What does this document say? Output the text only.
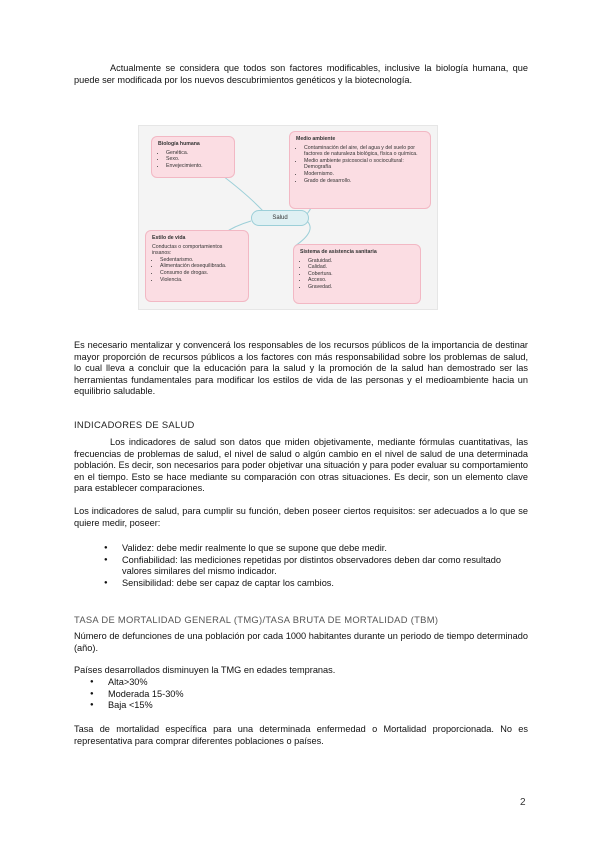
Actualmente se considera que todos son factores modificables, inclusive la biología humana, que puede ser modificada por los nuevos descubrimientos genéticos y la biotecnología.

Biología humana
• Genética.
• Sexo.
• Envejecimiento.
Medio ambiente
• Contaminación del aire, del agua y del suelo por factores de naturaleza biológica, física o química.
• Medio ambiente psicosocial o sociocultural: Demografía
• Modernismo.
• Grado de desarrollo.
Salud
Estilo de vida
Conductas o comportamientos insanos:
• Sedentarismo.
• Alimentación desequilibrada.
• Consumo de drogas.
• Violencia.
Sistema de asistencia sanitaria
• Gratuidad.
• Calidad.
• Cobertura.
• Acceso.
• Gravedad.

Es necesario mentalizar y convencerá los responsables de los recursos públicos de la importancia de destinar mayor proporción de recursos públicos a los factores con más responsabilidad sobre los problemas de salud, lo cual lleva a concluir que la educación para la salud y la promoción de la salud han demostrado ser las herramientas fundamentales para modificar los estilos de vida de las personas y el medioambiente hacia un equilibrio saludable.

INDICADORES DE SALUD

Los indicadores de salud son datos que miden objetivamente, mediante fórmulas cuantitativas, las frecuencias de problemas de salud, el nivel de salud o algún cambio en el nivel de salud de una determinada población. Es decir, son necesarios para poder objetivar una situación y para poder evaluar su comportamiento en el tiempo. Esto se hace mediante su comparación con otras situaciones. Es decir, son un elemento clave para establecer comparaciones.

Los indicadores de salud, para cumplir su función, deben poseer ciertos requisitos: ser adecuados a lo que se quiere medir, poseer:

● Validez: debe medir realmente lo que se supone que debe medir.
● Confiabilidad: las mediciones repetidas por distintos observadores deben dar como resultado valores similares del mismo indicador.
● Sensibilidad: debe ser capaz de captar los cambios.
TASA DE MORTALIDAD GENERAL (TMG)/TASA BRUTA DE MORTALIDAD (TBM)

Número de defunciones de una población por cada 1000 habitantes durante un periodo de tiempo determinado (año).

Países desarrollados disminuyen la TMG en edades tempranas.

● Alta>30%
● Moderada 15-30%
● Baja <15%

Tasa de mortalidad específica para una determinada enfermedad o Mortalidad proporcionada. No es representativa para comprar diferentes poblaciones o países.

2
